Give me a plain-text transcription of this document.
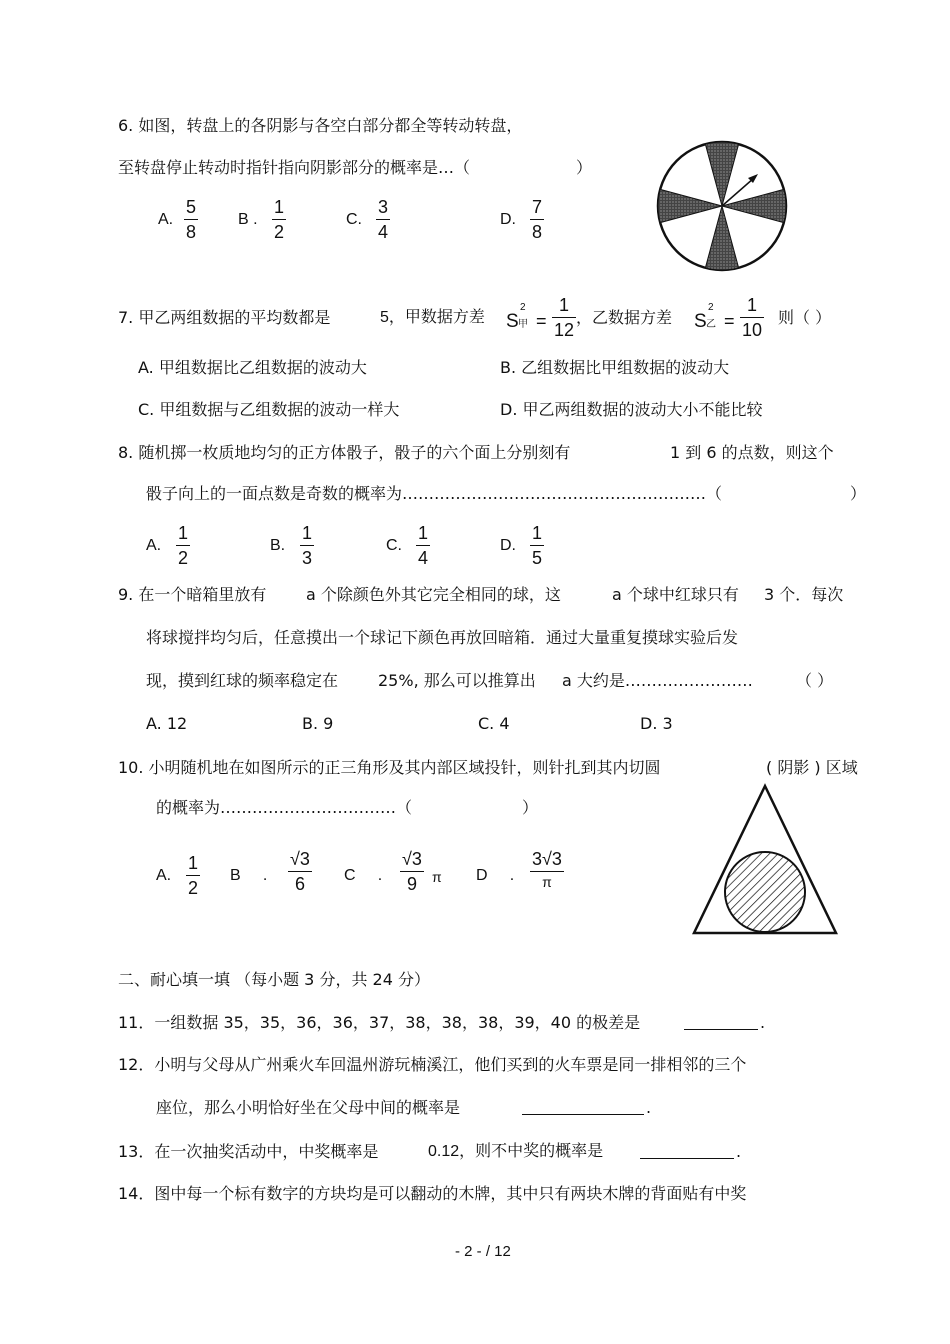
6. 如图，转盘上的各阴影与各空白部分都全等转动转盘，
至转盘停止转动时指针指向阴影部分的概率是…（	）
A.
5
8
B .
1
2
C.
3
4
D.
7
8
7. 甲乙两组数据的平均数都是	5，甲数据方差 S
2
甲 =
1
12
，乙数据方差 S
2
乙 =
1
10
则（ ）
A. 甲组数据比乙组数据的波动大	B. 乙组数据比甲组数据的波动大
C. 甲组数据与乙组数据的波动一样大	D. 甲乙两组数据的波动大小不能比较
8. 随机掷一枚质地均匀的正方体骰子，骰子的六个面上分别刻有	1 到 6 的点数，则这个
骰子向上的一面点数是奇数的概率为…………………………………………………（	）
A.
1
2
B.
1
3
C.
1
4
D.
1
5
9. 在一个暗箱里放有 a 个除颜色外其它完全相同的球，这	a 个球中红球只有 3 个．每次
将球搅拌均匀后，任意摸出一个球记下颜色再放回暗箱．通过大量重复摸球实验后发
现，摸到红球的频率稳定在 25%, 那么可以推算出 a 大约是……………………	（ ）
A. 12	B. 9	C. 4	D. 3
10. 小明随机地在如图所示的正三角形及其内部区域投针，则针扎到其内切圆	( 阴影 ) 区域
的概率为……………………………（	）
A.
1
2
B     .
√3
6	C     .
√3
9	π D     .
3√3
π
二、耐心填一填 （每小题 3 分，共 24 分）
11．一组数据 35，35，36，36，37，38，38，38，39，40 的极差是	.
12．小明与父母从广州乘火车回温州游玩楠溪江，他们买到的火车票是同一排相邻的三个
座位，那么小明恰好坐在父母中间的概率是	.
13．在一次抽奖活动中，中奖概率是	0.12，则不中奖的概率是	.
14．图中每一个标有数字的方块均是可以翻动的木牌，其中只有两块木牌的背面贴有中奖
- 2 - / 12
